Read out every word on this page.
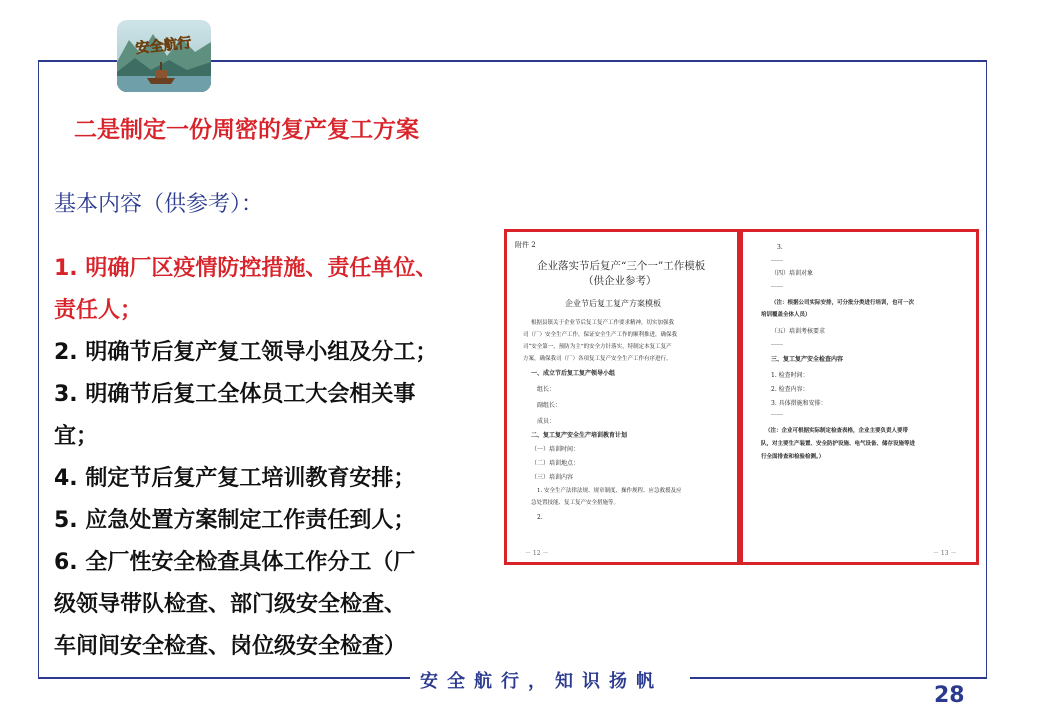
安全航行
二是制定一份周密的复产复工方案
基本内容（供参考）：
1. 明确厂区疫情防控措施、责任单位、
责任人；
2. 明确节后复产复工领导小组及分工；
3. 明确节后复工全体员工大会相关事
宜；
4. 制定节后复产复工培训教育安排；
5. 应急处置方案制定工作责任到人；
6. 全厂性安全检查具体工作分工（厂
级领导带队检查、部门级安全检查、
车间间安全检查、岗位级安全检查）
附件 2
企业落实节后复产“三个一”工作模板
（供企业参考）
企业节后复工复产方案模板
根据县镇关于企业节后复工复产工作要求精神，切实加强我
司（厂）安全生产工作，保证安全生产工作的顺利推进，确保我
司“安全第一，预防为主”的安全方针落实，特制定本复工复产
方案，确保我司（厂）各项复工复产安全生产工作有序进行。
一、成立节后复工复产领导小组
组长：
副组长：
成员：
二、复工复产安全生产培训教育计划
（一）培训时间：
（二）培训地点：
（三）培训内容
1. 安全生产法律法规、规章制度、操作规程、应急救援及应
急处置技能、复工复产安全措施等。
2.
－ 12 －
3.
……
（四）培训对象
……
（注：根据公司实际安排，可分批分类进行培训，也可一次
培训覆盖全体人员）
（五）培训考核要求
……
三、复工复产安全检查内容
1. 检查时间：
2. 检查内容：
3. 具体措施和安排：
……
（注：企业可根据实际制定检查表格，企业主要负责人要带
队，对主要生产装置、安全防护设施、电气设备、储存设施等进
行全面排查和检验检测。）
－ 13 －
安全航行，知识扬帆
28
